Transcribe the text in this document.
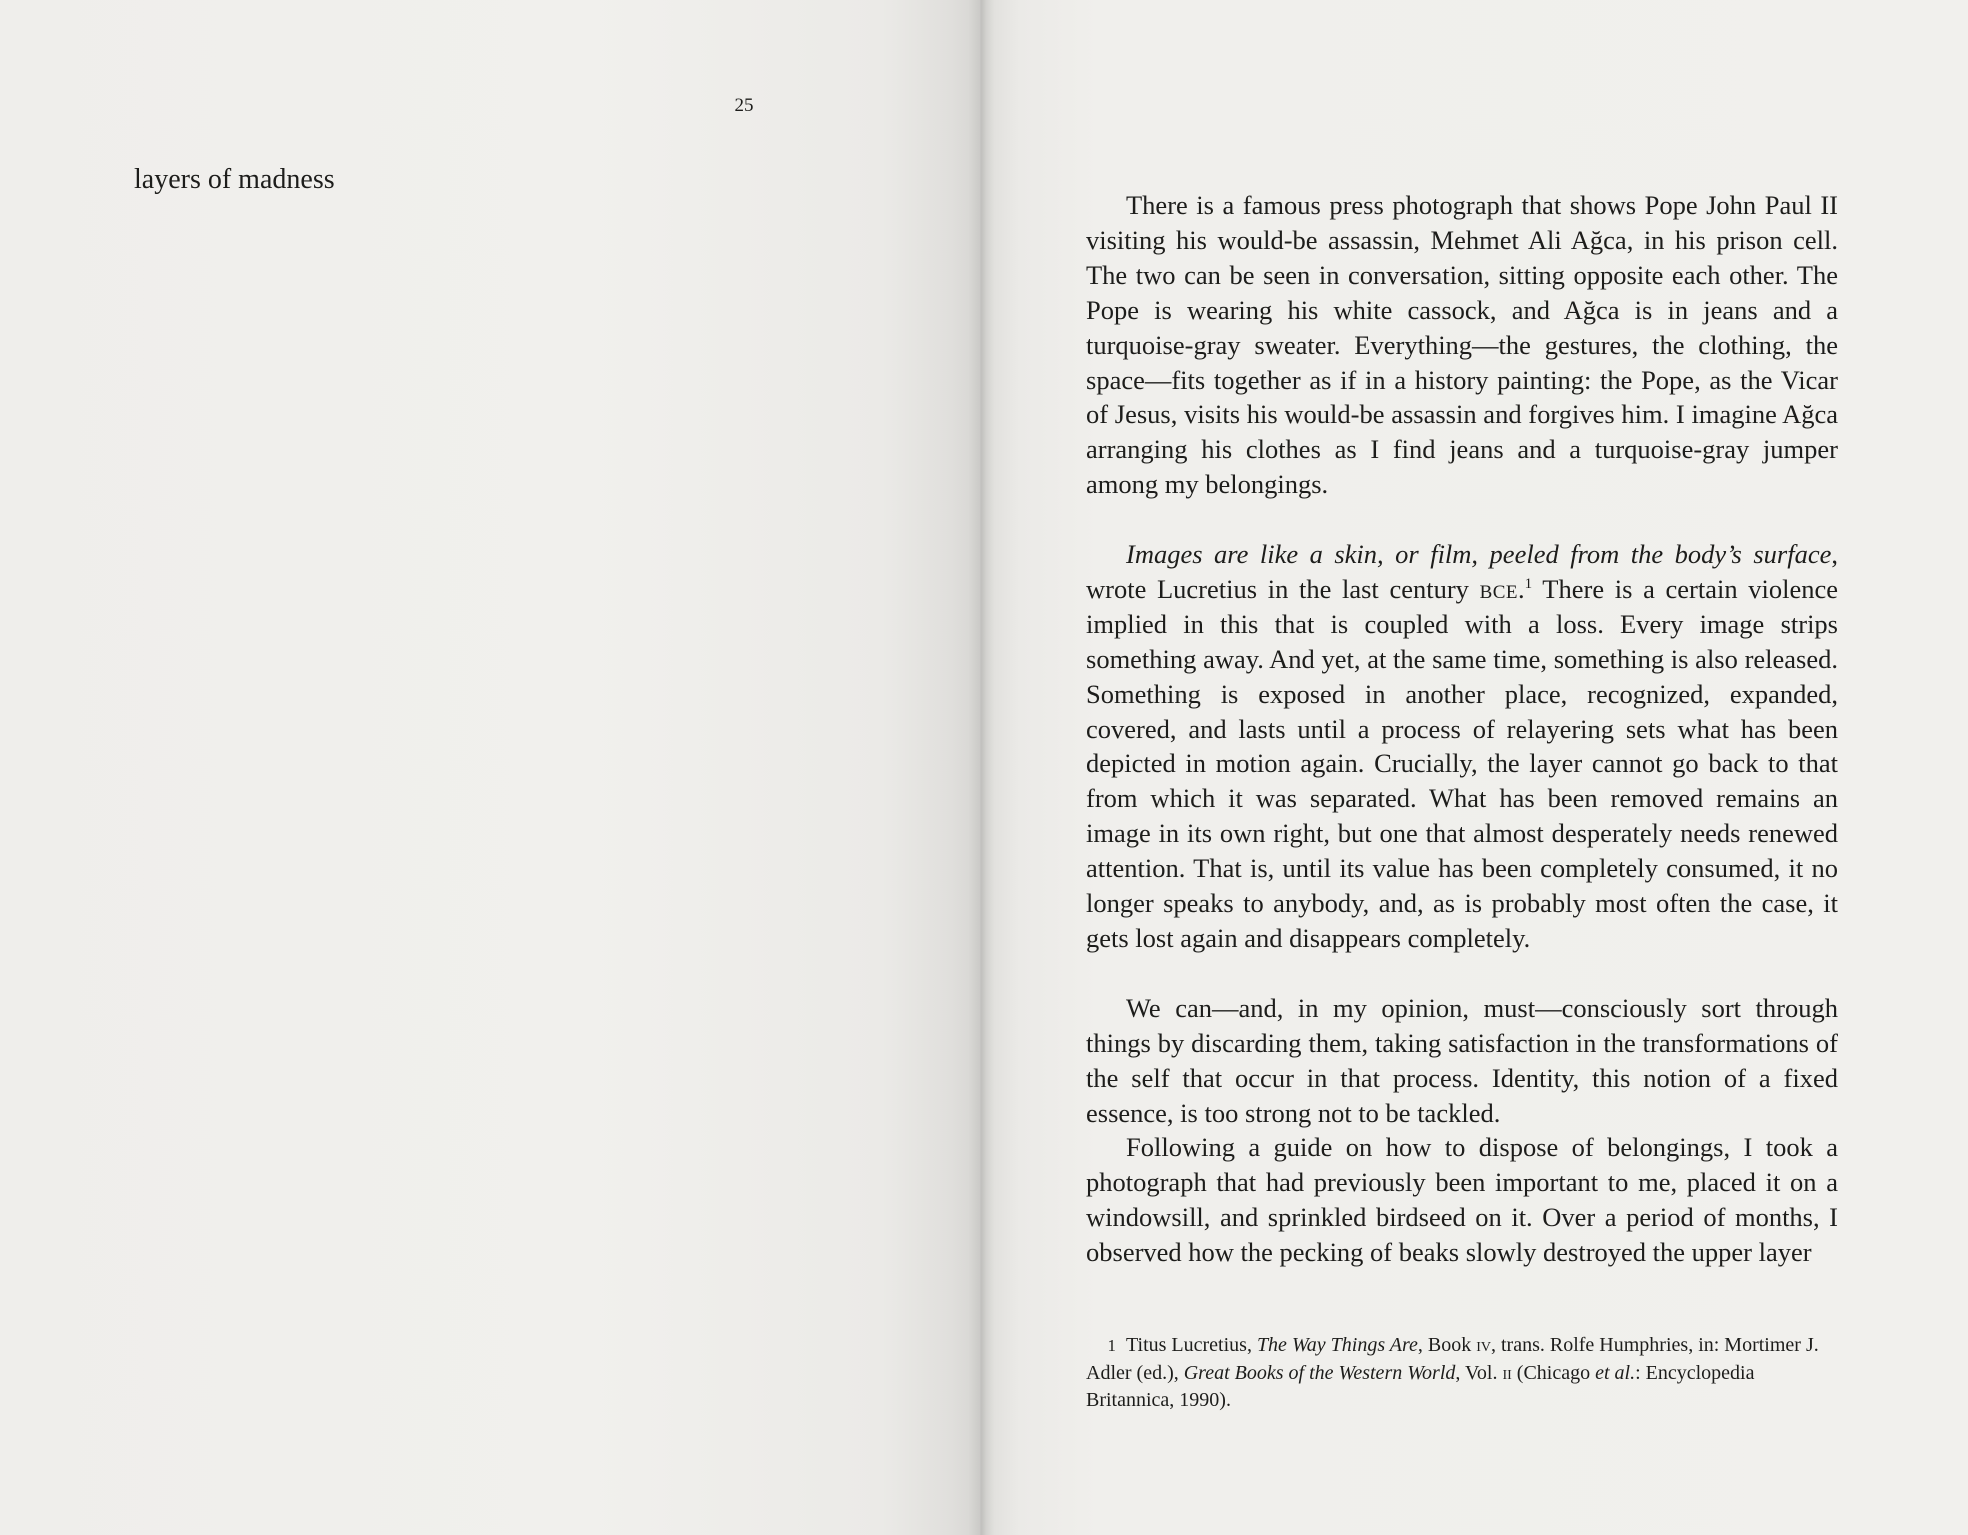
layers of madness
25

There is a famous press photograph that shows Pope John Paul II visiting his would-be assassin, Mehmet Ali Ağca, in his prison cell. The two can be seen in conversation, sitting opposite each other. The Pope is wearing his white cassock, and Ağca is in jeans and a turquoise-gray sweater. Everything—the gestures, the clothing, the space—fits together as if in a history painting: the Pope, as the Vicar of Jesus, visits his would-be assassin and forgives him. I imagine Ağca arranging his clothes as I find jeans and a turquoise-gray jumper among my belongings.

Images are like a skin, or film, peeled from the body’s surface, wrote Lucretius in the last century bce.$^1$ There is a certain violence implied in this that is coupled with a loss. Every image strips something away. And yet, at the same time, something is also released. Something is exposed in another place, recognized, expanded, covered, and lasts until a process of relayering sets what has been depicted in motion again. Crucially, the layer cannot go back to that from which it was separated. What has been removed remains an image in its own right, but one that almost desperately needs renewed attention. That is, until its value has been completely consumed, it no longer speaks to anybody, and, as is probably most often the case, it gets lost again and disappears completely.

We can—and, in my opinion, must—consciously sort through things by discarding them, taking satisfaction in the transformations of the self that occur in that process. Identity, this notion of a fixed essence, is too strong not to be tackled.

Following a guide on how to dispose of belongings, I took a photograph that had previously been important to me, placed it on a windowsill, and sprinkled birdseed on it. Over a period of months, I observed how the pecking of beaks slowly destroyed the upper layer

1 Titus Lucretius, The Way Things Are, Book iv, trans. Rolfe Humphries, in: Mortimer J. Adler (ed.), Great Books of the Western World, Vol. ii (Chicago et al.: Encyclopedia Britannica, 1990).
